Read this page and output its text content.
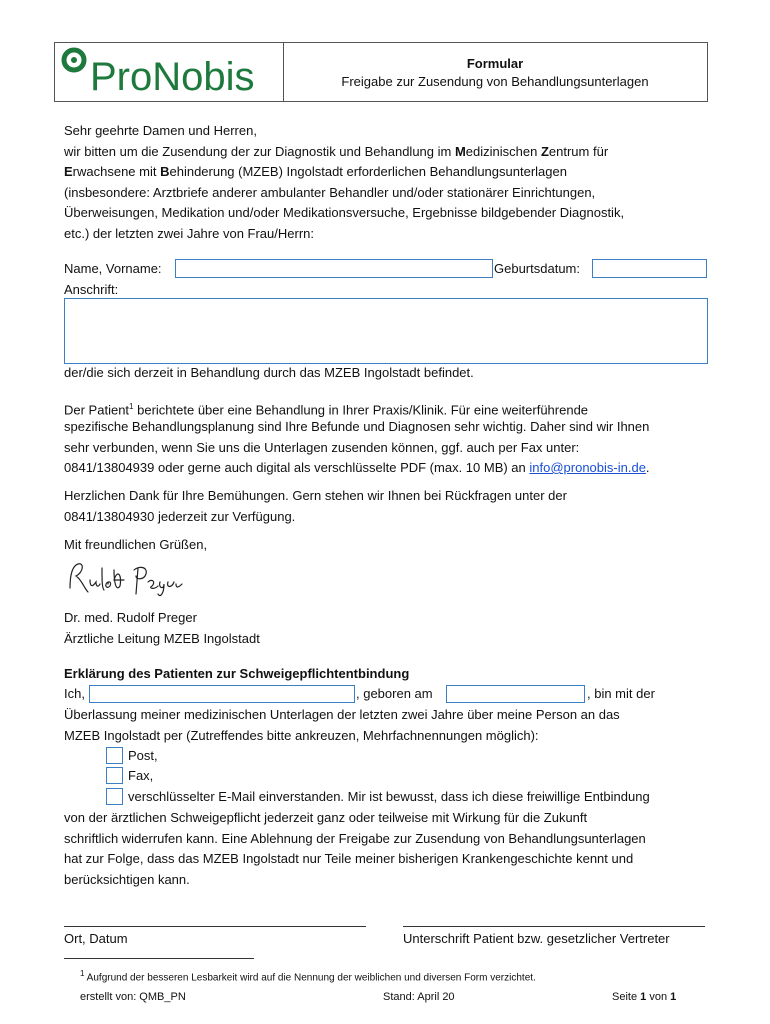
ProNobis	Formular
Freigabe zur Zusendung von Behandlungsunterlagen
Sehr geehrte Damen und Herren,
wir bitten um die Zusendung der zur Diagnostik und Behandlung im Medizinischen Zentrum für
Erwachsene mit Behinderung (MZEB) Ingolstadt erforderlichen Behandlungsunterlagen
(insbesondere: Arztbriefe anderer ambulanter Behandler und/oder stationärer Einrichtungen,
Überweisungen, Medikation und/oder Medikationsversuche, Ergebnisse bildgebender Diagnostik,
etc.) der letzten zwei Jahre von Frau/Herrn:
Name, Vorname:	Geburtsdatum:
Anschrift:
der/die sich derzeit in Behandlung durch das MZEB Ingolstadt befindet.
Der Patient$^1$ berichtete über eine Behandlung in Ihrer Praxis/Klinik. Für eine weiterführende
spezifische Behandlungsplanung sind Ihre Befunde und Diagnosen sehr wichtig. Daher sind wir Ihnen
sehr verbunden, wenn Sie uns die Unterlagen zusenden können, ggf. auch per Fax unter:
0841/13804939 oder gerne auch digital als verschlüsselte PDF (max. 10 MB) an info@pronobis-in.de.
Herzlichen Dank für Ihre Bemühungen. Gern stehen wir Ihnen bei Rückfragen unter der
0841/13804930 jederzeit zur Verfügung.
Mit freundlichen Grüßen,
Dr. med. Rudolf Preger
Ärztliche Leitung MZEB Ingolstadt
Erklärung des Patienten zur Schweigepflichtentbindung
Ich,	, geboren am	, bin mit der
Überlassung meiner medizinischen Unterlagen der letzten zwei Jahre über meine Person an das
MZEB Ingolstadt per (Zutreffendes bitte ankreuzen, Mehrfachnennungen möglich):
Post,
Fax,
verschlüsselter E-Mail einverstanden. Mir ist bewusst, dass ich diese freiwillige Entbindung
von der ärztlichen Schweigepflicht jederzeit ganz oder teilweise mit Wirkung für die Zukunft
schriftlich widerrufen kann. Eine Ablehnung der Freigabe zur Zusendung von Behandlungsunterlagen
hat zur Folge, dass das MZEB Ingolstadt nur Teile meiner bisherigen Krankengeschichte kennt und
berücksichtigen kann.
Ort, Datum	Unterschrift Patient bzw. gesetzlicher Vertreter
$^1$ Aufgrund der besseren Lesbarkeit wird auf die Nennung der weiblichen und diversen Form verzichtet.
erstellt von: QMB_PN	Stand: April 20	Seite 1 von 1
